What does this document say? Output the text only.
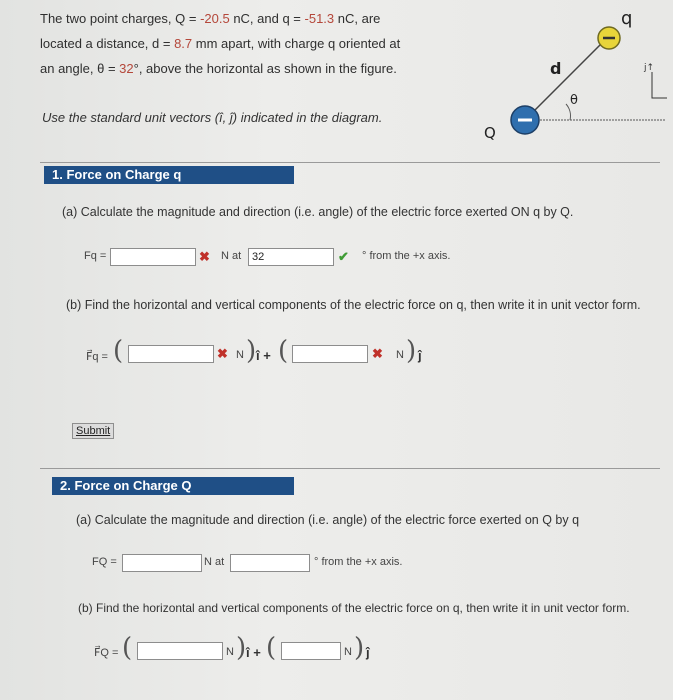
The two point charges, Q = -20.5 nC, and q = -51.3 nC, are
located a distance, d = 8.7 mm apart, with charge q oriented at
an angle, θ = 32°, above the horizontal as shown in the figure.
Use the standard unit vectors (î, ĵ) indicated in the diagram.
q
d
θ
Q
j↑
1. Force on Charge q
(a) Calculate the magnitude and direction (i.e. angle) of the electric force exerted ON q by Q.
Fq =	✖ N at
32	✔ ° from the +x axis.
(b) Find the horizontal and vertical components of the electric force on q, then write it in unit vector form.
F⃗q = (	✖ N ) î + (	✖ N ) ĵ
Submit
2. Force on Charge Q
(a) Calculate the magnitude and direction (i.e. angle) of the electric force exerted on Q by q
FQ =	N at	° from the +x axis.
(b) Find the horizontal and vertical components of the electric force on q, then write it in unit vector form.
F⃗Q = (	N ) î + (	N ) ĵ
